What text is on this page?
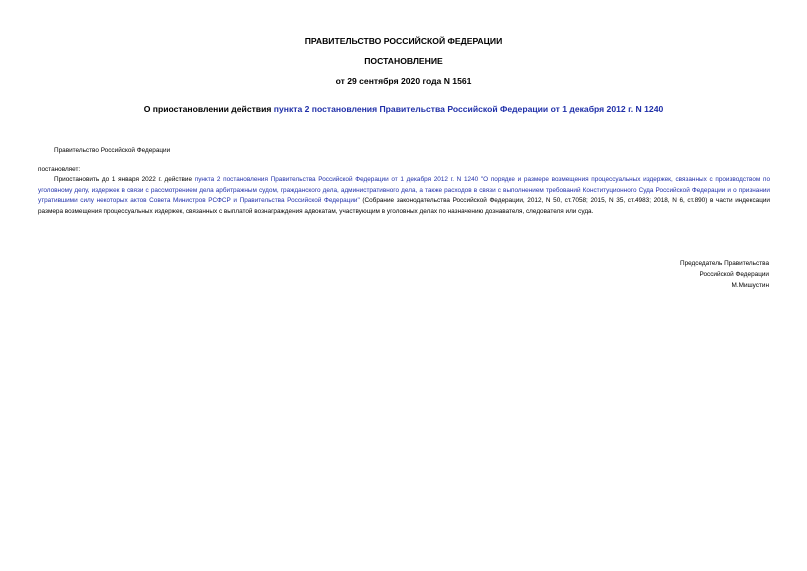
ПРАВИТЕЛЬСТВО РОССИЙСКОЙ ФЕДЕРАЦИИ
ПОСТАНОВЛЕНИЕ
от 29 сентября 2020 года N 1561
О приостановлении действия пункта 2 постановления Правительства Российской Федерации от 1 декабря 2012 г. N 1240
Правительство Российской Федерации
постановляет:

Приостановить до 1 января 2022 г. действие пункта 2 постановления Правительства Российской Федерации от 1 декабря 2012 г. N 1240 "О порядке и размере возмещения процессуальных издержек, связанных с производством по уголовному делу, издержек в связи с рассмотрением дела арбитражным судом, гражданского дела, административного дела, а также расходов в связи с выполнением требований Конституционного Суда Российской Федерации и о признании утратившими силу некоторых актов Совета Министров РСФСР и Правительства Российской Федерации" (Собрание законодательства Российской Федерации, 2012, N 50, ст.7058; 2015, N 35, ст.4983; 2018, N 6, ст.890) в части индексации размера возмещения процессуальных издержек, связанных с выплатой вознаграждения адвокатам, участвующим в уголовных делах по назначению дознавателя, следователя или суда.

Председатель Правительства
Российской Федерации
М.Мишустин
